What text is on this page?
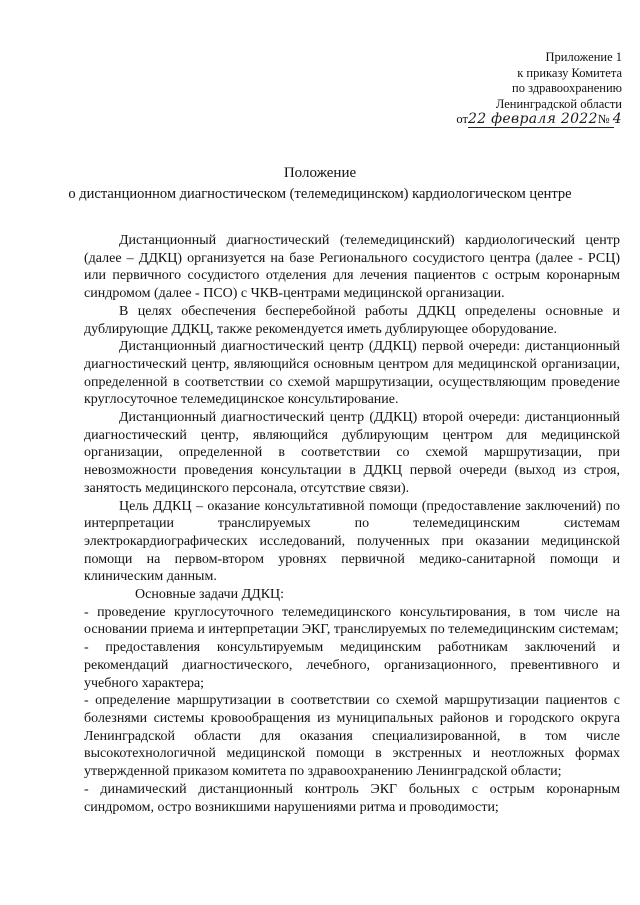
Приложение 1
к приказу Комитета
по здравоохранению
Ленинградской области
от22 февраля 2022№ 4
Положение
о дистанционном диагностическом (телемедицинском) кардиологическом центре

Дистанционный диагностический (телемедицинский) кардиологический центр (далее – ДДКЦ) организуется на базе Регионального сосудистого центра (далее - РСЦ) или первичного сосудистого отделения для лечения пациентов с острым коронарным синдромом (далее - ПСО) с ЧКВ-центрами медицинской организации.

В целях обеспечения бесперебойной работы ДДКЦ определены основные и дублирующие ДДКЦ, также рекомендуется иметь дублирующее оборудование.

Дистанционный диагностический центр (ДДКЦ) первой очереди: дистанционный диагностический центр, являющийся основным центром для медицинской организации, определенной в соответствии со схемой маршрутизации, осуществляющим проведение круглосуточное телемедицинское консультирование.

Дистанционный диагностический центр (ДДКЦ) второй очереди: дистанционный диагностический центр, являющийся дублирующим центром для медицинской организации, определенной в соответствии со схемой маршрутизации, при невозможности проведения консультации в ДДКЦ первой очереди (выход из строя, занятость медицинского персонала, отсутствие связи).

Цель ДДКЦ – оказание консультативной помощи (предоставление заключений) по интерпретации транслируемых по телемедицинским системам электрокардиографических исследований, полученных при оказании медицинской помощи на первом-втором уровнях первичной медико-санитарной помощи и клиническим данным.

Основные задачи ДДКЦ:

- проведение круглосуточного телемедицинского консультирования, в том числе на основании приема и интерпретации ЭКГ, транслируемых по телемедицинским системам;

- предоставления консультируемым медицинским работникам заключений и рекомендаций диагностического, лечебного, организационного, превентивного и учебного характера;

- определение маршрутизации в соответствии со схемой маршрутизации пациентов с болезнями системы кровообращения из муниципальных районов и городского округа Ленинградской области для оказания специализированной, в том числе высокотехнологичной медицинской помощи в экстренных и неотложных формах утвержденной приказом комитета по здравоохранению Ленинградской области;

- динамический дистанционный контроль ЭКГ больных с острым коронарным синдромом, остро возникшими нарушениями ритма и проводимости;
